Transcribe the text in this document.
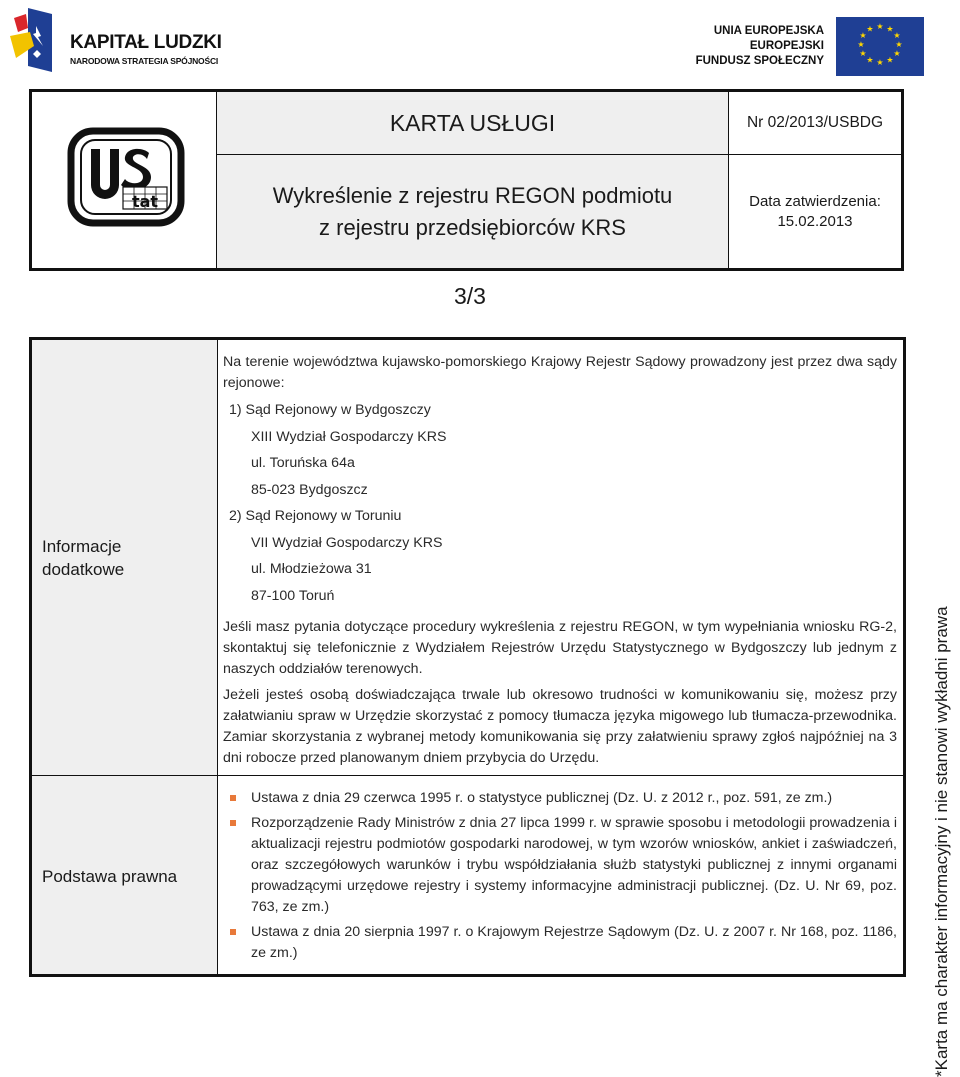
KAPITAŁ LUDZKI
NARODOWA STRATEGIA SPÓJNOŚCI
UNIA EUROPEJSKA
EUROPEJSKI
FUNDUSZ SPOŁECZNY
★ ★
★
★
★
★
★
★
★
★
★
★
tat
KARTA USŁUGI
Wykreślenie z rejestru REGON podmiotu
z rejestru przedsiębiorców KRS
Nr 02/2013/USBDG
Data zatwierdzenia:
15.02.2013
3/3
Informacje
dodatkowe
Podstawa prawna

Na terenie województwa kujawsko-pomorskiego Krajowy Rejestr Sądowy prowadzony jest przez dwa sądy rejonowe:

1) Sąd Rejonowy w Bydgoszczy
XIII Wydział Gospodarczy KRS
ul. Toruńska 64a
85-023 Bydgoszcz
2) Sąd Rejonowy w Toruniu
VII Wydział Gospodarczy KRS
ul. Młodzieżowa 31
87-100 Toruń

Jeśli masz pytania dotyczące procedury wykreślenia z rejestru REGON, w tym wypełniania wniosku RG-2, skontaktuj się telefonicznie z Wydziałem Rejestrów Urzędu Statystycznego w Bydgoszczy lub jednym z naszych oddziałów terenowych.

Jeżeli jesteś osobą doświadczająca trwale lub okresowo trudności w komunikowaniu się, możesz przy załatwianiu spraw w Urzędzie skorzystać z pomocy tłumacza języka migowego lub tłumacza-przewodnika. Zamiar skorzystania z wybranej metody komunikowania się przy załatwieniu sprawy zgłoś najpóźniej na 3 dni robocze przed planowanym dniem przybycia do Urzędu.

Ustawa z dnia 29 czerwca 1995 r. o statystyce publicznej (Dz. U. z 2012 r., poz. 591, ze zm.)
Rozporządzenie Rady Ministrów z dnia 27 lipca 1999 r. w sprawie sposobu i metodologii prowadzenia i aktualizacji rejestru podmiotów gospodarki narodowej, w tym wzorów wniosków, ankiet i zaświadczeń, oraz szczegółowych warunków i trybu współdziałania służb statystyki publicznej z innymi organami prowadzącymi urzędowe rejestry i systemy informacyjne administracji publicznej. (Dz. U. Nr 69, poz. 763, ze zm.)
Ustawa z dnia 20 sierpnia 1997 r. o Krajowym Rejestrze Sądowym (Dz. U. z 2007 r. Nr 168, poz. 1186, ze zm.)	*Karta ma charakter informacyjny i nie stanowi wykładni prawa
